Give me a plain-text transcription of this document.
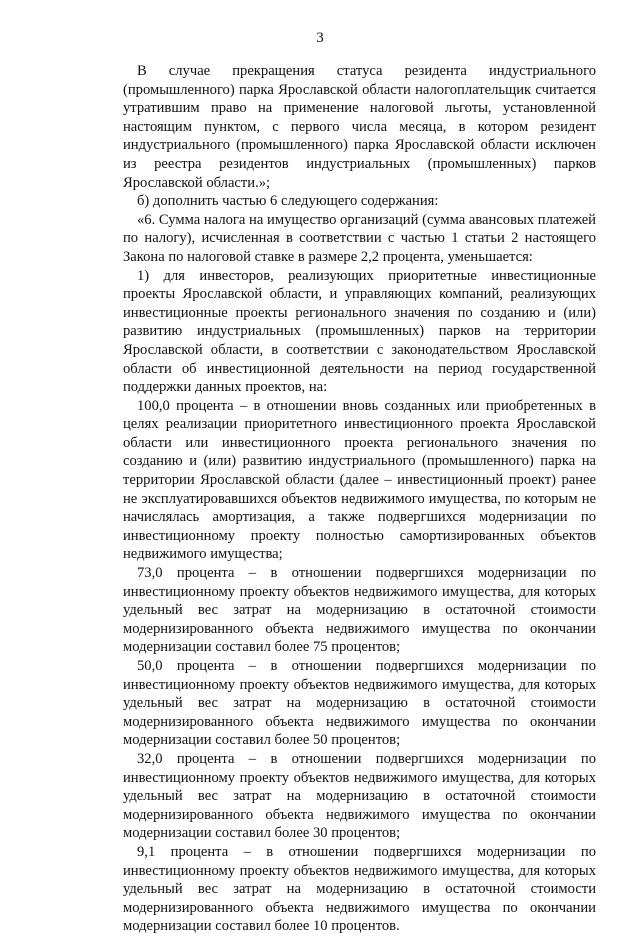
3

В случае прекращения статуса резидента индустриального (промышленного) парка Ярославской области налогоплательщик считается утратившим право на применение налоговой льготы, установленной настоящим пунктом, с первого числа месяца, в котором резидент индустриального (промышленного) парка Ярославской области исключен из реестра резидентов индустриальных (промышленных) парков Ярославской области.»;

б) дополнить частью 6 следующего содержания:

«6. Сумма налога на имущество организаций (сумма авансовых платежей по налогу), исчисленная в соответствии с частью 1 статьи 2 настоящего Закона по налоговой ставке в размере 2,2 процента, уменьшается:

1) для инвесторов, реализующих приоритетные инвестиционные проекты Ярославской области, и управляющих компаний, реализующих инвестиционные проекты регионального значения по созданию и (или) развитию индустриальных (промышленных) парков на территории Ярославской области, в соответствии с законодательством Ярославской области об инвестиционной деятельности на период государственной поддержки данных проектов, на:

100,0 процента – в отношении вновь созданных или приобретенных в целях реализации приоритетного инвестиционного проекта Ярославской области или инвестиционного проекта регионального значения по созданию и (или) развитию индустриального (промышленного) парка на территории Ярославской области (далее – инвестиционный проект) ранее не эксплуатировавшихся объектов недвижимого имущества, по которым не начислялась амортизация, а также подвергшихся модернизации по инвестиционному проекту полностью самортизированных объектов недвижимого имущества;

73,0 процента – в отношении подвергшихся модернизации по инвестиционному проекту объектов недвижимого имущества, для которых удельный вес затрат на модернизацию в остаточной стоимости модернизированного объекта недвижимого имущества по окончании модернизации составил более 75 процентов;

50,0 процента – в отношении подвергшихся модернизации по инвестиционному проекту объектов недвижимого имущества, для которых удельный вес затрат на модернизацию в остаточной стоимости модернизированного объекта недвижимого имущества по окончании модернизации составил более 50 процентов;

32,0 процента – в отношении подвергшихся модернизации по инвестиционному проекту объектов недвижимого имущества, для которых удельный вес затрат на модернизацию в остаточной стоимости модернизированного объекта недвижимого имущества по окончании модернизации составил более 30 процентов;

9,1 процента – в отношении подвергшихся модернизации по инвестиционному проекту объектов недвижимого имущества, для которых удельный вес затрат на модернизацию в остаточной стоимости модернизированного объекта недвижимого имущества по окончании модернизации составил более 10 процентов.
